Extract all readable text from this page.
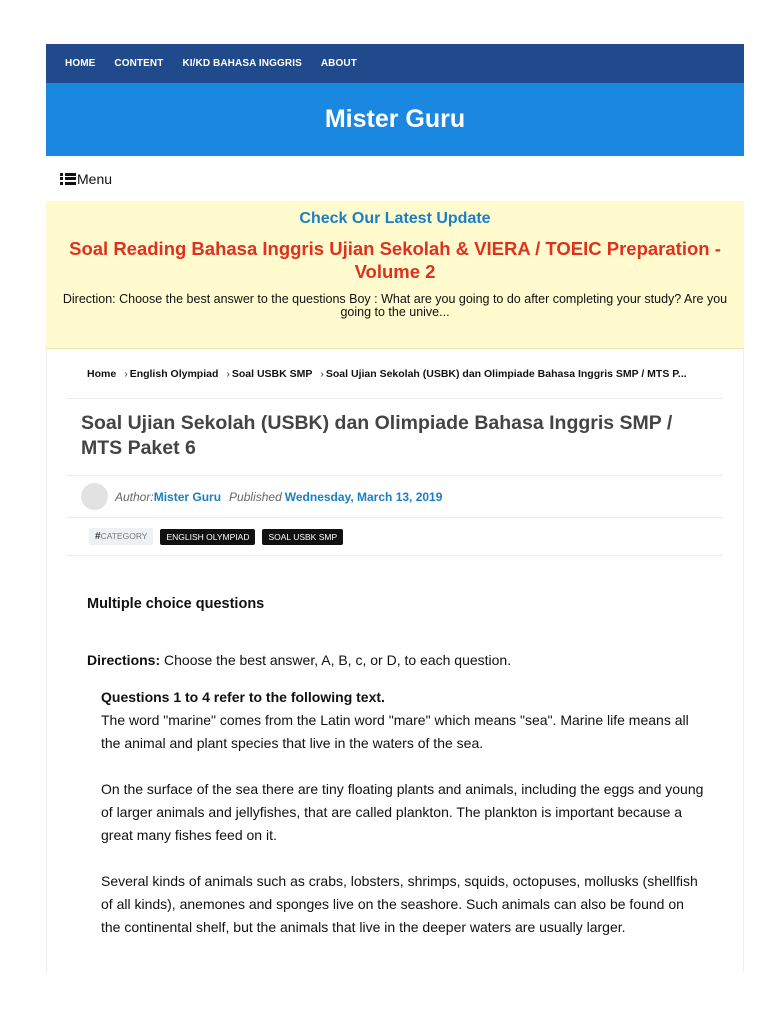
HOME CONTENT KI/KD BAHASA INGGRIS ABOUT
Mister Guru
Menu
Check Our Latest Update
Soal Reading Bahasa Inggris Ujian Sekolah & VIERA / TOEIC Preparation - Volume 2
Direction: Choose the best answer to the questions Boy : What are you going to do after completing your study? Are you going to the unive...
Home › English Olympiad › Soal USBK SMP › Soal Ujian Sekolah (USBK) dan Olimpiade Bahasa Inggris SMP / MTS P...
Soal Ujian Sekolah (USBK) dan Olimpiade Bahasa Inggris SMP / MTS Paket 6
Author: Mister Guru Published Wednesday, March 13, 2019
#CATEGORY	ENGLISH OLYMPIAD	SOAL USBK SMP
Multiple choice questions
Directions: Choose the best answer, A, B, c, or D, to each question.
Questions 1 to 4 refer to the following text.

The word "marine" comes from the Latin word "mare" which means "sea". Marine life means all the animal and plant species that live in the waters of the sea.

On the surface of the sea there are tiny floating plants and animals, including the eggs and young of larger animals and jellyfishes, that are called plankton. The plankton is important because a great many fishes feed on it.

Several kinds of animals such as crabs, lobsters, shrimps, squids, octopuses, mollusks (shellfish of all kinds), anemones and sponges live on the seashore. Such animals can also be found on the continental shelf, but the animals that live in the deeper waters are usually larger.
